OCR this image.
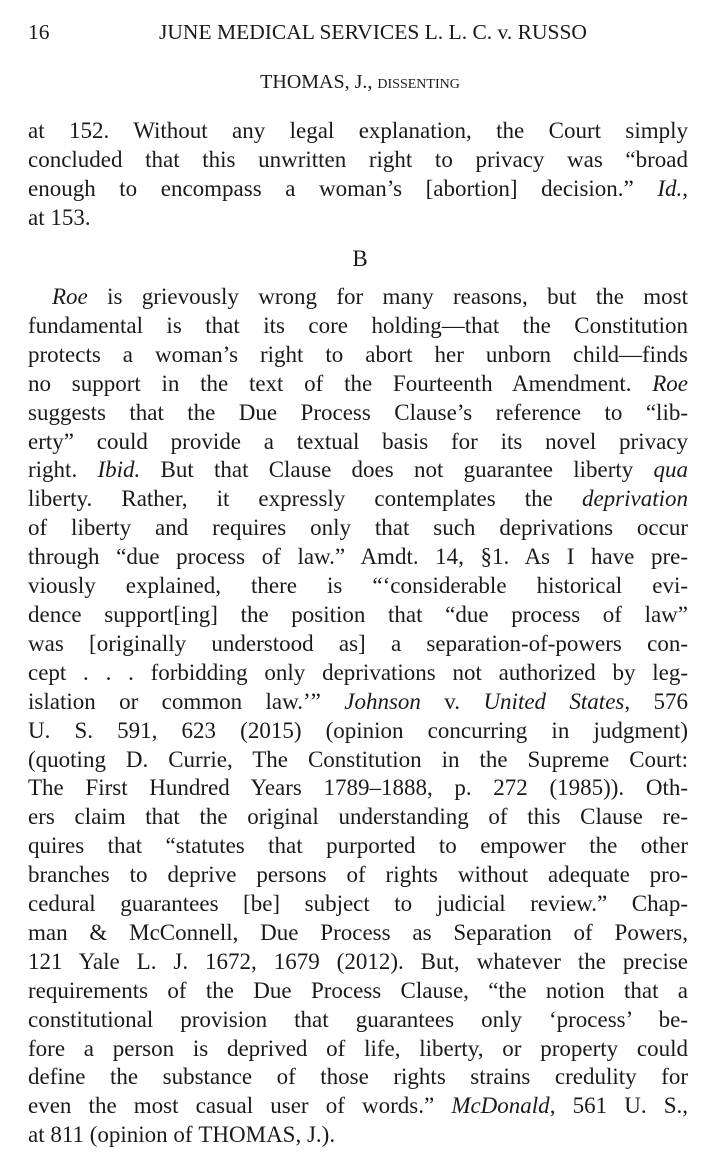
16	JUNE MEDICAL SERVICES L. L. C. v. RUSSO
THOMAS, J., dissenting
at 152. Without any legal explanation, the Court simply
concluded that this unwritten right to privacy was “broad
enough to encompass a woman’s [abortion] decision.” Id.,
at 153.
B
Roe is grievously wrong for many reasons, but the most
fundamental is that its core holding—that the Constitution
protects a woman’s right to abort her unborn child—finds
no support in the text of the Fourteenth Amendment. Roe
suggests that the Due Process Clause’s reference to “lib-
erty” could provide a textual basis for its novel privacy
right. Ibid. But that Clause does not guarantee liberty qua
liberty. Rather, it expressly contemplates the deprivation
of liberty and requires only that such deprivations occur
through “due process of law.” Amdt. 14, §1. As I have pre-
viously explained, there is “‘considerable historical evi-
dence support[ing] the position that “due process of law”
was [originally understood as] a separation-of-powers con-
cept . . . forbidding only deprivations not authorized by leg-
islation or common law.’” Johnson v. United States, 576
U. S. 591, 623 (2015) (opinion concurring in judgment)
(quoting D. Currie, The Constitution in the Supreme Court:
The First Hundred Years 1789–1888, p. 272 (1985)). Oth-
ers claim that the original understanding of this Clause re-
quires that “statutes that purported to empower the other
branches to deprive persons of rights without adequate pro-
cedural guarantees [be] subject to judicial review.” Chap-
man & McConnell, Due Process as Separation of Powers,
121 Yale L. J. 1672, 1679 (2012). But, whatever the precise
requirements of the Due Process Clause, “the notion that a
constitutional provision that guarantees only ‘process’ be-
fore a person is deprived of life, liberty, or property could
define the substance of those rights strains credulity for
even the most casual user of words.” McDonald, 561 U. S.,
at 811 (opinion of THOMAS, J.).
